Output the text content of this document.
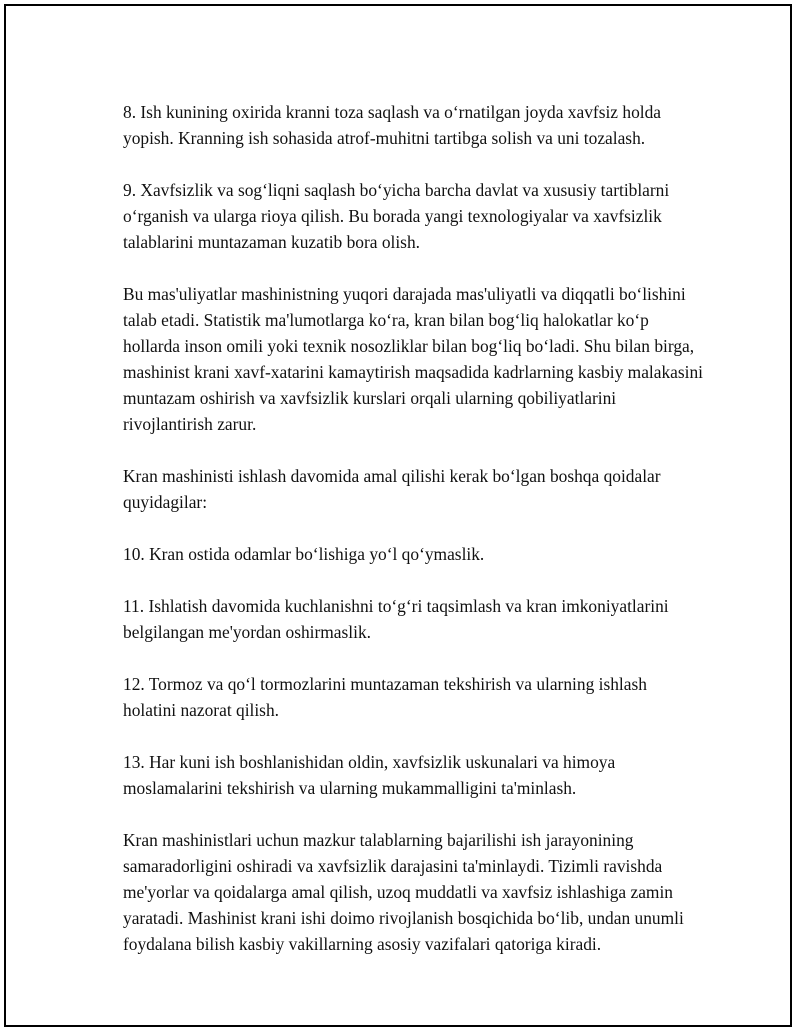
8. Ish kunining oxirida kranni toza saqlash va o‘rnatilgan joyda xavfsiz holda yopish. Kranning ish sohasida atrof-muhitni tartibga solish va uni tozalash.

9. Xavfsizlik va sog‘liqni saqlash bo‘yicha barcha davlat va xususiy tartiblarni o‘rganish va ularga rioya qilish. Bu borada yangi texnologiyalar va xavfsizlik talablarini muntazaman kuzatib bora olish.

Bu mas'uliyatlar mashinistning yuqori darajada mas'uliyatli va diqqatli bo‘lishini talab etadi. Statistik ma'lumotlarga ko‘ra, kran bilan bog‘liq halokatlar ko‘p hollarda inson omili yoki texnik nosozliklar bilan bog‘liq bo‘ladi. Shu bilan birga, mashinist krani xavf-xatarini kamaytirish maqsadida kadrlarning kasbiy malakasini muntazam oshirish va xavfsizlik kurslari orqali ularning qobiliyatlarini rivojlantirish zarur.

Kran mashinisti ishlash davomida amal qilishi kerak bo‘lgan boshqa qoidalar quyidagilar:

10. Kran ostida odamlar bo‘lishiga yo‘l qo‘ymaslik.

11. Ishlatish davomida kuchlanishni to‘g‘ri taqsimlash va kran imkoniyatlarini belgilangan me'yordan oshirmaslik.

12. Tormoz va qo‘l tormozlarini muntazaman tekshirish va ularning ishlash holatini nazorat qilish.

13. Har kuni ish boshlanishidan oldin, xavfsizlik uskunalari va himoya moslamalarini tekshirish va ularning mukammalligini ta'minlash.

Kran mashinistlari uchun mazkur talablarning bajarilishi ish jarayonining samaradorligini oshiradi va xavfsizlik darajasini ta'minlaydi. Tizimli ravishda me'yorlar va qoidalarga amal qilish, uzoq muddatli va xavfsiz ishlashiga zamin yaratadi. Mashinist krani ishi doimo rivojlanish bosqichida bo‘lib, undan unumli foydalana bilish kasbiy vakillarning asosiy vazifalari qatoriga kiradi.
